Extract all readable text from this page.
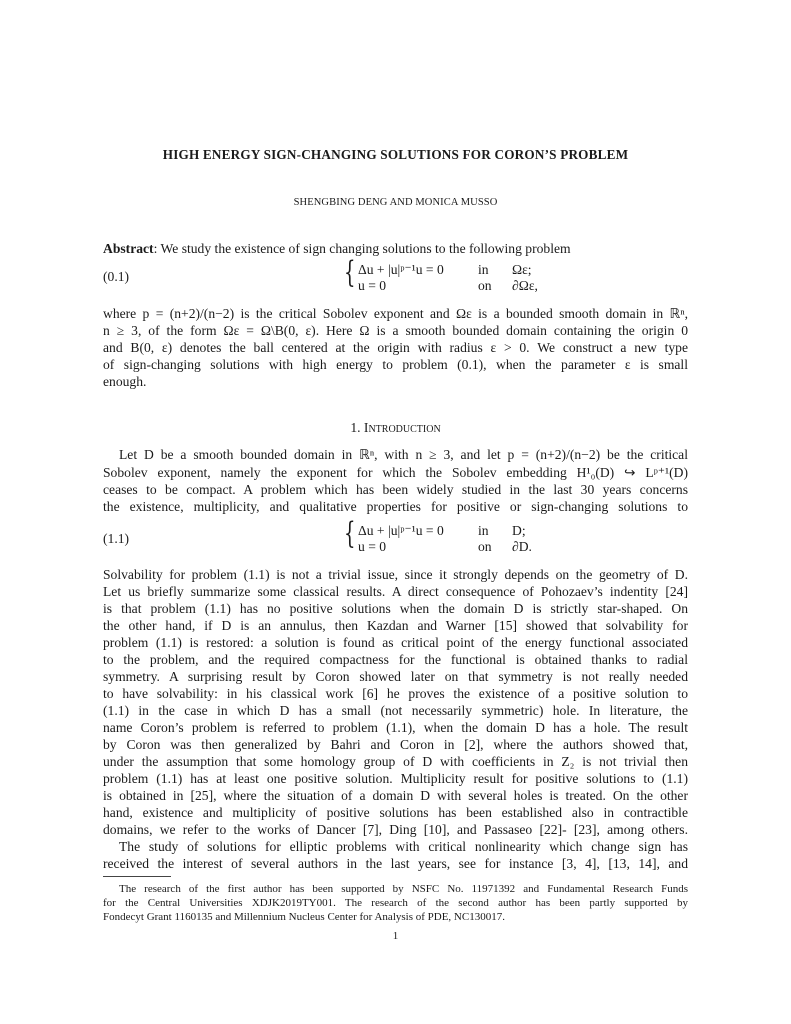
HIGH ENERGY SIGN-CHANGING SOLUTIONS FOR CORON’S PROBLEM
SHENGBING DENG AND MONICA MUSSO
Abstract: We study the existence of sign changing solutions to the following problem
(0.1)	{ Δu + |u|ᵖ⁻¹u = 0	in Ωε;
u = 0	on ∂Ωε,
where p = (n+2)/(n−2) is the critical Sobolev exponent and Ωε is a bounded smooth domain in ℝⁿ,
n ≥ 3, of the form Ωε = Ω\B(0, ε). Here Ω is a smooth bounded domain containing the origin 0
and B(0, ε) denotes the ball centered at the origin with radius ε > 0. We construct a new type
of sign-changing solutions with high energy to problem (0.1), when the parameter ε is small
enough.
1. Introduction
Let D be a smooth bounded domain in ℝⁿ, with n ≥ 3, and let p = (n+2)/(n−2) be the critical
Sobolev exponent, namely the exponent for which the Sobolev embedding H¹₀(D) ↪ Lᵖ⁺¹(D)
ceases to be compact. A problem which has been widely studied in the last 30 years concerns
the existence, multiplicity, and qualitative properties for positive or sign-changing solutions to
(1.1)	{ Δu + |u|ᵖ⁻¹u = 0	in D;
u = 0	on ∂D.
Solvability for problem (1.1) is not a trivial issue, since it strongly depends on the geometry of D.
Let us briefly summarize some classical results. A direct consequence of Pohozaev’s indentity [24]
is that problem (1.1) has no positive solutions when the domain D is strictly star-shaped. On
the other hand, if D is an annulus, then Kazdan and Warner [15] showed that solvability for
problem (1.1) is restored: a solution is found as critical point of the energy functional associated
to the problem, and the required compactness for the functional is obtained thanks to radial
symmetry. A surprising result by Coron showed later on that symmetry is not really needed
to have solvability: in his classical work [6] he proves the existence of a positive solution to
(1.1) in the case in which D has a small (not necessarily symmetric) hole. In literature, the
name Coron’s problem is referred to problem (1.1), when the domain D has a hole. The result
by Coron was then generalized by Bahri and Coron in [2], where the authors showed that,
under the assumption that some homology group of D with coefficients in Z₂ is not trivial then
problem (1.1) has at least one positive solution. Multiplicity result for positive solutions to (1.1)
is obtained in [25], where the situation of a domain D with several holes is treated. On the other
hand, existence and multiplicity of positive solutions has been established also in contractible
domains, we refer to the works of Dancer [7], Ding [10], and Passaseo [22]- [23], among others.
The study of solutions for elliptic problems with critical nonlinearity which change sign has
received the interest of several authors in the last years, see for instance [3, 4], [13, 14], and
The research of the first author has been supported by NSFC No. 11971392 and Fundamental Research Funds
for the Central Universities XDJK2019TY001. The research of the second author has been partly supported by
Fondecyt Grant 1160135 and Millennium Nucleus Center for Analysis of PDE, NC130017.
1
